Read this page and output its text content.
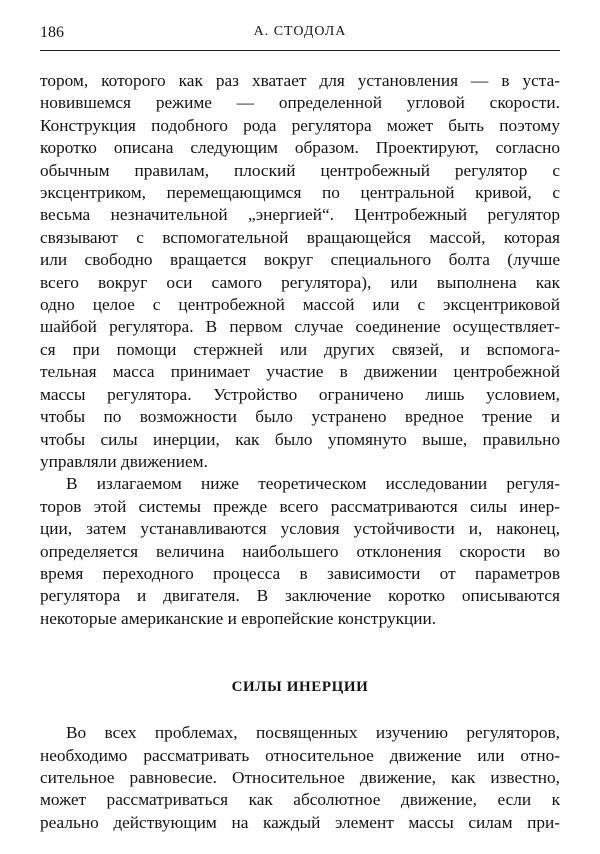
186	А. СТОДОЛА

тором, которого как раз хватает для установления — в уста-
новившемся режиме — определенной угловой скорости.
Конструкция подобного рода регулятора может быть поэтому
коротко описана следующим образом. Проектируют, согласно
обычным правилам, плоский центробежный регулятор с
эксцентриком, перемещающимся по центральной кривой, с
весьма незначительной „энергией“. Центробежный регулятор
связывают с вспомогательной вращающейся массой, которая
или свободно вращается вокруг специального болта (лучше
всего вокруг оси самого регулятора), или выполнена как
одно целое с центробежной массой или с эксцентриковой
шайбой регулятора. В первом случае соединение осуществляет-
ся при помощи стержней или других связей, и вспомога-
тельная масса принимает участие в движении центробежной
массы регулятора. Устройство ограничено лишь условием,
чтобы по возможности было устранено вредное трение и
чтобы силы инерции, как было упомянуто выше, правильно
управляли движением.

В излагаемом ниже теоретическом исследовании регуля-
торов этой системы прежде всего рассматриваются силы инер-
ции, затем устанавливаются условия устойчивости и, наконец,
определяется величина наибольшего отклонения скорости во
время переходного процесса в зависимости от параметров
регулятора и двигателя. В заключение коротко описываются
некоторые американские и европейские конструкции.

СИЛЫ ИНЕРЦИИ

Во всех проблемах, посвященных изучению регуляторов,
необходимо рассматривать относительное движение или отно-
сительное равновесие. Относительное движение, как известно,
может рассматриваться как абсолютное движение, если к
реально действующим на каждый элемент массы силам при-
